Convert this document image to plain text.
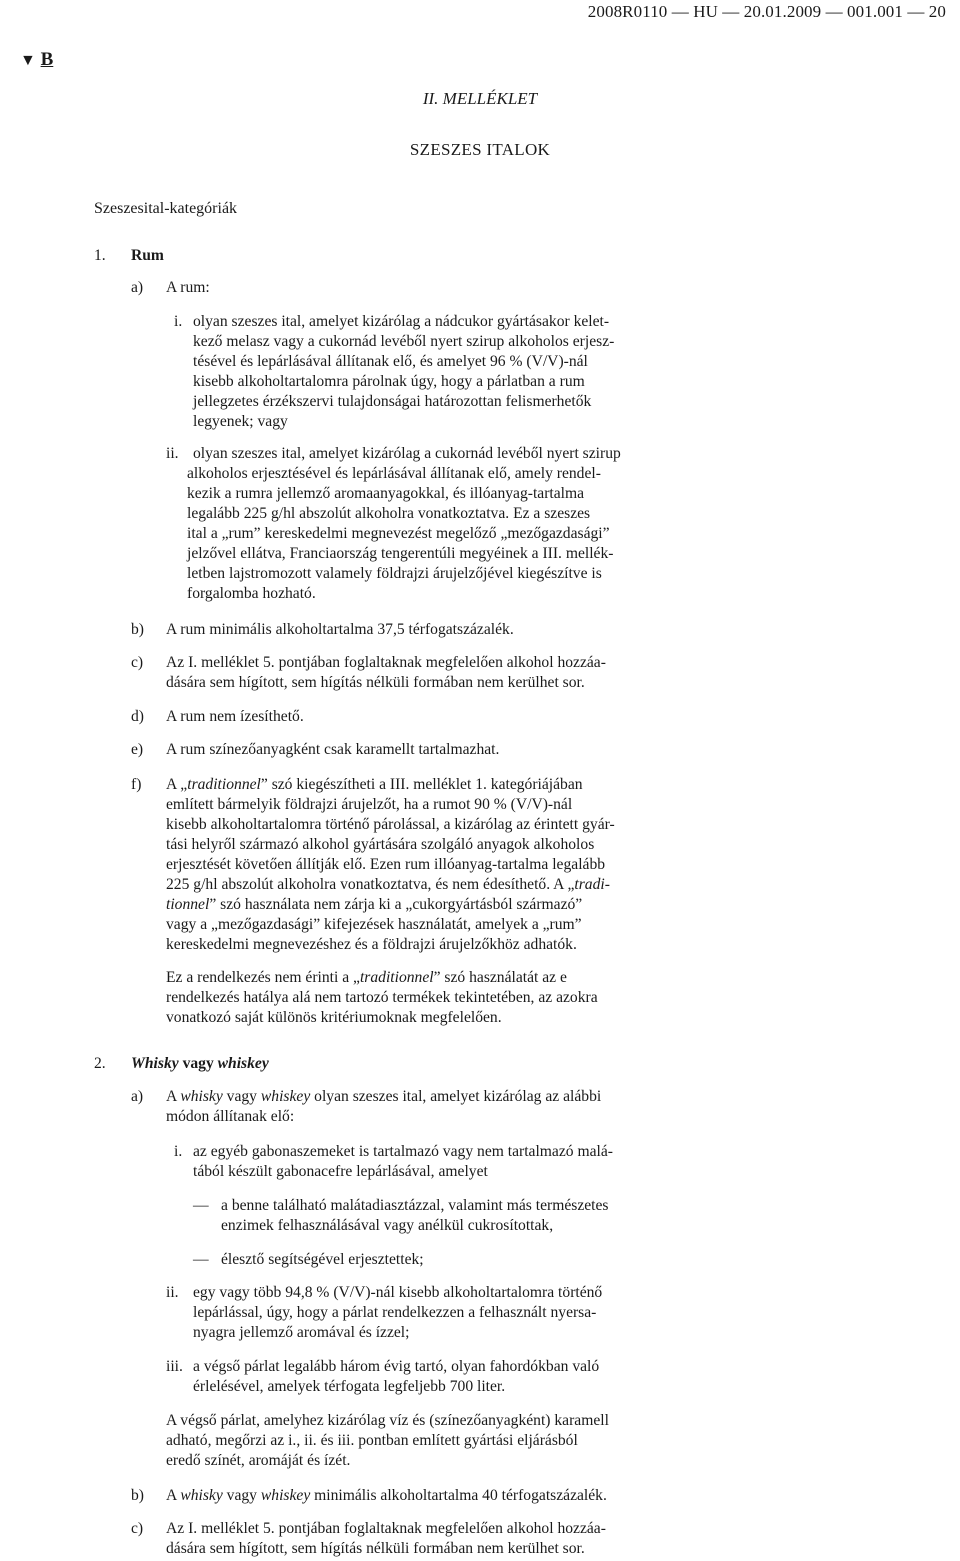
2008R0110 — HU — 20.01.2009 — 001.001 — 20
▼ B
II. MELLÉKLET
SZESZES ITALOK
Szeszesital-kategóriák
1. Rum
a) A rum:
i. olyan szeszes ital, amelyet kizárólag a nádcukor gyártásakor kelet-
kező melasz vagy a cukornád levéből nyert szirup alkoholos erjesz-
tésével és lepárlásával állítanak elő, és amelyet 96 % (V/V)-nál
kisebb alkoholtartalomra párolnak úgy, hogy a párlatban a rum
jellegzetes érzékszervi tulajdonságai határozottan felismerhetők
legyenek; vagy
ii. olyan szeszes ital, amelyet kizárólag a cukornád levéből nyert szirup
alkoholos erjesztésével és lepárlásával állítanak elő, amely rendel-
kezik a rumra jellemző aromaanyagokkal, és illóanyag-tartalma
legalább 225 g/hl abszolút alkoholra vonatkoztatva. Ez a szeszes
ital a „rum” kereskedelmi megnevezést megelőző „mezőgazdasági”
jelzővel ellátva, Franciaország tengerentúli megyéinek a III. mellék-
letben lajstromozott valamely földrajzi árujelzőjével kiegészítve is
forgalomba hozható.
b) A rum minimális alkoholtartalma 37,5 térfogatszázalék.
c) Az I. melléklet 5. pontjában foglaltaknak megfelelően alkohol hozzáa-
dására sem hígított, sem hígítás nélküli formában nem kerülhet sor.
d) A rum nem ízesíthető.
e) A rum színezőanyagként csak karamellt tartalmazhat.
f) A „traditionnel” szó kiegészítheti a III. melléklet 1. kategóriájában
említett bármelyik földrajzi árujelzőt, ha a rumot 90 % (V/V)-nál
kisebb alkoholtartalomra történő párolással, a kizárólag az érintett gyár-
tási helyről származó alkohol gyártására szolgáló anyagok alkoholos
erjesztését követően állítják elő. Ezen rum illóanyag-tartalma legalább
225 g/hl abszolút alkoholra vonatkoztatva, és nem édesíthető. A „tradi-
tionnel” szó használata nem zárja ki a „cukorgyártásból származó”
vagy a „mezőgazdasági” kifejezések használatát, amelyek a „rum”
kereskedelmi megnevezéshez és a földrajzi árujelzőkhöz adhatók.
Ez a rendelkezés nem érinti a „traditionnel” szó használatát az e
rendelkezés hatálya alá nem tartozó termékek tekintetében, az azokra
vonatkozó saját különös kritériumoknak megfelelően.
2. Whisky vagy whiskey
a) A whisky vagy whiskey olyan szeszes ital, amelyet kizárólag az alábbi
módon állítanak elő:
i. az egyéb gabonaszemeket is tartalmazó vagy nem tartalmazó malá-
tából készült gabonacefre lepárlásával, amelyet
— a benne található malátadiasztázzal, valamint más természetes
enzimek felhasználásával vagy anélkül cukrosítottak,
— élesztő segítségével erjesztettek;
ii. egy vagy több 94,8 % (V/V)-nál kisebb alkoholtartalomra történő
lepárlással, úgy, hogy a párlat rendelkezzen a felhasznált nyersa-
nyagra jellemző aromával és ízzel;
iii. a végső párlat legalább három évig tartó, olyan fahordókban való
érlelésével, amelyek térfogata legfeljebb 700 liter.
A végső párlat, amelyhez kizárólag víz és (színezőanyagként) karamell
adható, megőrzi az i., ii. és iii. pontban említett gyártási eljárásból
eredő színét, aromáját és ízét.
b) A whisky vagy whiskey minimális alkoholtartalma 40 térfogatszázalék.
c) Az I. melléklet 5. pontjában foglaltaknak megfelelően alkohol hozzáa-
dására sem hígított, sem hígítás nélküli formában nem kerülhet sor.
